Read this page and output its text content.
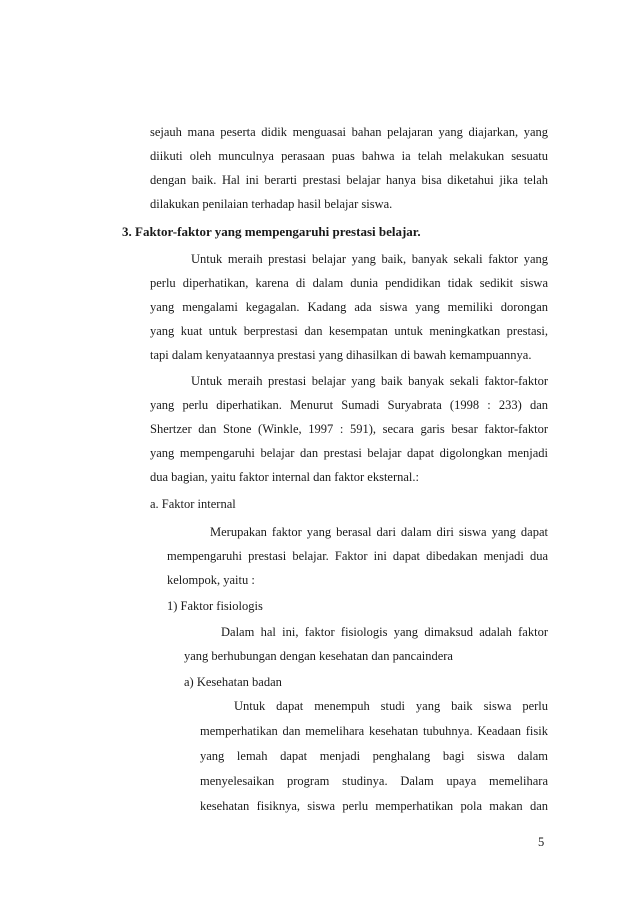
sejauh mana peserta didik menguasai bahan pelajaran yang diajarkan, yang

diikuti oleh munculnya perasaan puas bahwa ia telah melakukan sesuatu

dengan baik. Hal ini berarti prestasi belajar hanya bisa diketahui jika telah

dilakukan penilaian terhadap hasil belajar siswa.

3. Faktor-faktor yang mempengaruhi prestasi belajar.

Untuk meraih prestasi belajar yang baik, banyak sekali faktor yang

perlu diperhatikan, karena di dalam dunia pendidikan tidak sedikit siswa

yang mengalami kegagalan. Kadang ada siswa yang memiliki dorongan

yang kuat untuk berprestasi dan kesempatan untuk meningkatkan prestasi,

tapi dalam kenyataannya prestasi yang dihasilkan di bawah kemampuannya.

Untuk meraih prestasi belajar yang baik banyak sekali faktor-faktor

yang perlu diperhatikan. Menurut Sumadi Suryabrata (1998 : 233) dan

Shertzer dan Stone (Winkle, 1997 : 591), secara garis besar faktor-faktor

yang mempengaruhi belajar dan prestasi belajar dapat digolongkan menjadi

dua bagian, yaitu faktor internal dan faktor eksternal.:

a. Faktor internal

Merupakan faktor yang berasal dari dalam diri siswa yang dapat

mempengaruhi prestasi belajar. Faktor ini dapat dibedakan menjadi dua

kelompok, yaitu :

1) Faktor fisiologis

Dalam hal ini, faktor fisiologis yang dimaksud adalah faktor

yang berhubungan dengan kesehatan dan pancaindera

a) Kesehatan badan

Untuk dapat menempuh studi yang baik siswa perlu

memperhatikan dan memelihara kesehatan tubuhnya. Keadaan fisik

yang lemah dapat menjadi penghalang bagi siswa dalam

menyelesaikan program studinya. Dalam upaya memelihara

kesehatan fisiknya, siswa perlu memperhatikan pola makan dan

5
